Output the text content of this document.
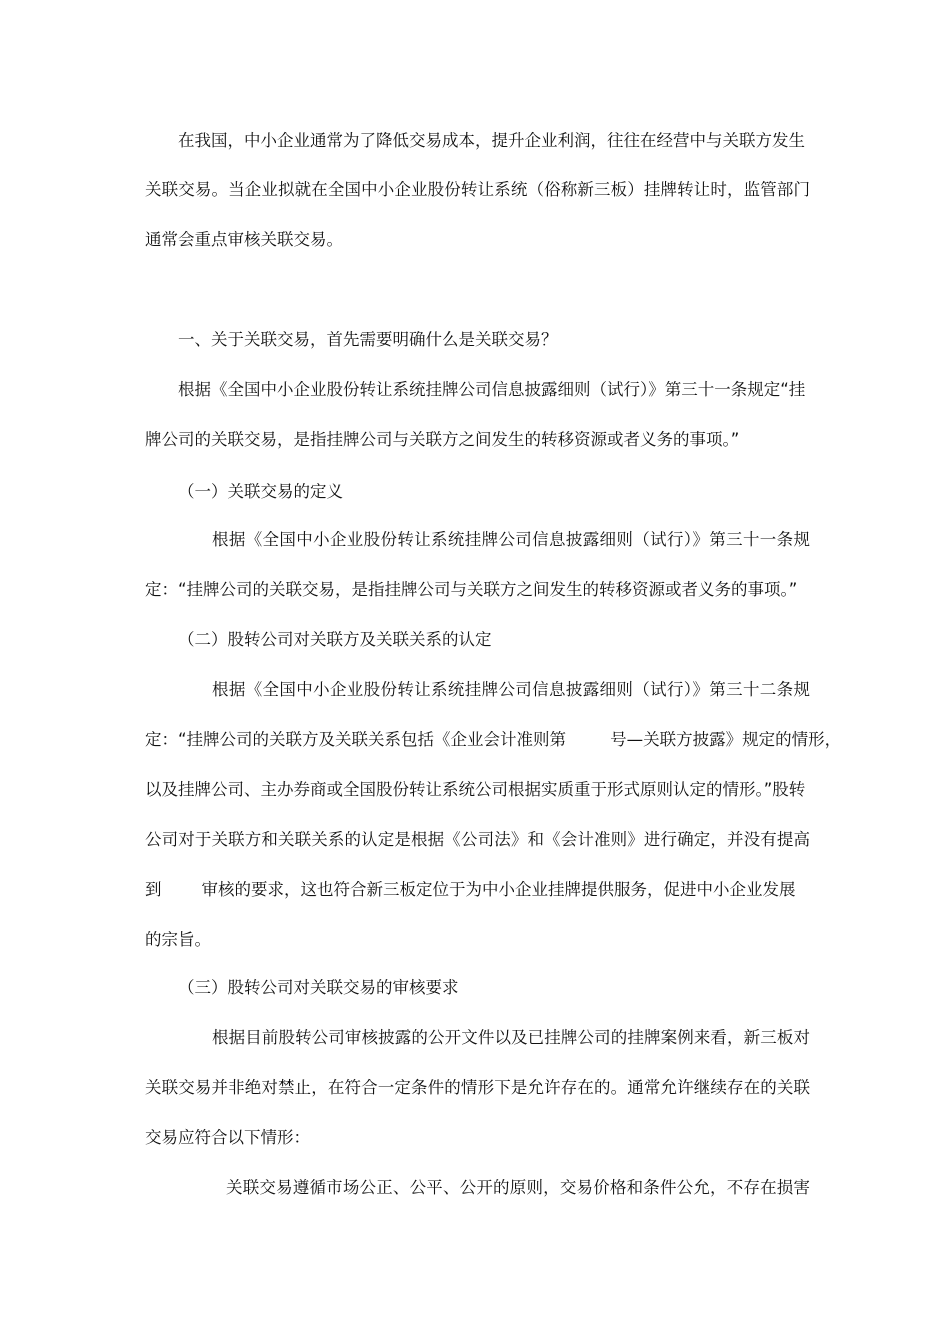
在我国，中小企业通常为了降低交易成本，提升企业利润，往往在经营中与关联方发生
关联交易。当企业拟就在全国中小企业股份转让系统（俗称新三板）挂牌转让时，监管部门
通常会重点审核关联交易。
一、关于关联交易，首先需要明确什么是关联交易？
根据《全国中小企业股份转让系统挂牌公司信息披露细则（试行）》第三十一条规定“挂
牌公司的关联交易，是指挂牌公司与关联方之间发生的转移资源或者义务的事项。”
（一）关联交易的定义
根据《全国中小企业股份转让系统挂牌公司信息披露细则（试行）》第三十一条规
定：“挂牌公司的关联交易，是指挂牌公司与关联方之间发生的转移资源或者义务的事项。”
（二）股转公司对关联方及关联关系的认定
根据《全国中小企业股份转让系统挂牌公司信息披露细则（试行）》第三十二条规
定：“挂牌公司的关联方及关联关系包括《企业会计准则第	号—关联方披露》规定的情形，
以及挂牌公司、主办券商或全国股份转让系统公司根据实质重于形式原则认定的情形。”股转
公司对于关联方和关联关系的认定是根据《公司法》和《会计准则》进行确定，并没有提高
到 审核的要求，这也符合新三板定位于为中小企业挂牌提供服务，促进中小企业发展
的宗旨。
（三）股转公司对关联交易的审核要求
根据目前股转公司审核披露的公开文件以及已挂牌公司的挂牌案例来看，新三板对
关联交易并非绝对禁止，在符合一定条件的情形下是允许存在的。通常允许继续存在的关联
交易应符合以下情形：
关联交易遵循市场公正、公平、公开的原则，交易价格和条件公允，不存在损害
